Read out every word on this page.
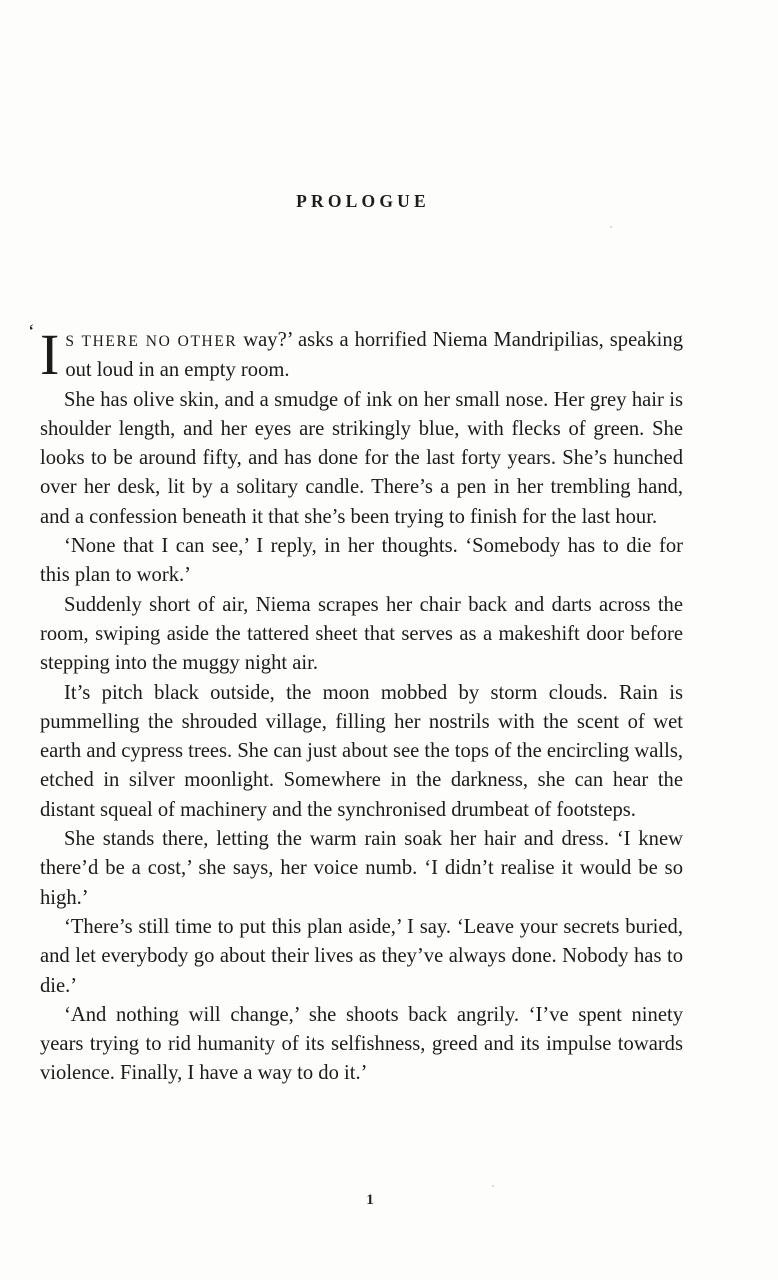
PROLOGUE

‘ I S THERE NO OTHER way?’ asks a horrified Niema Mandripilias, speaking out loud in an empty room.

She has olive skin, and a smudge of ink on her small nose. Her grey hair is shoulder length, and her eyes are strikingly blue, with flecks of green. She looks to be around fifty, and has done for the last forty years. She’s hunched over her desk, lit by a solitary candle. There’s a pen in her trembling hand, and a confession beneath it that she’s been trying to finish for the last hour.

‘None that I can see,’ I reply, in her thoughts. ‘Somebody has to die for this plan to work.’

Suddenly short of air, Niema scrapes her chair back and darts across the room, swiping aside the tattered sheet that serves as a makeshift door before stepping into the muggy night air.

It’s pitch black outside, the moon mobbed by storm clouds. Rain is pummelling the shrouded village, filling her nostrils with the scent of wet earth and cypress trees. She can just about see the tops of the encircling walls, etched in silver moonlight. Somewhere in the darkness, she can hear the distant squeal of machinery and the synchronised drumbeat of footsteps.

She stands there, letting the warm rain soak her hair and dress. ‘I knew there’d be a cost,’ she says, her voice numb. ‘I didn’t realise it would be so high.’

‘There’s still time to put this plan aside,’ I say. ‘Leave your secrets buried, and let everybody go about their lives as they’ve always done. Nobody has to die.’

‘And nothing will change,’ she shoots back angrily. ‘I’ve spent ninety years trying to rid humanity of its selfishness, greed and its impulse towards violence. Finally, I have a way to do it.’

1
